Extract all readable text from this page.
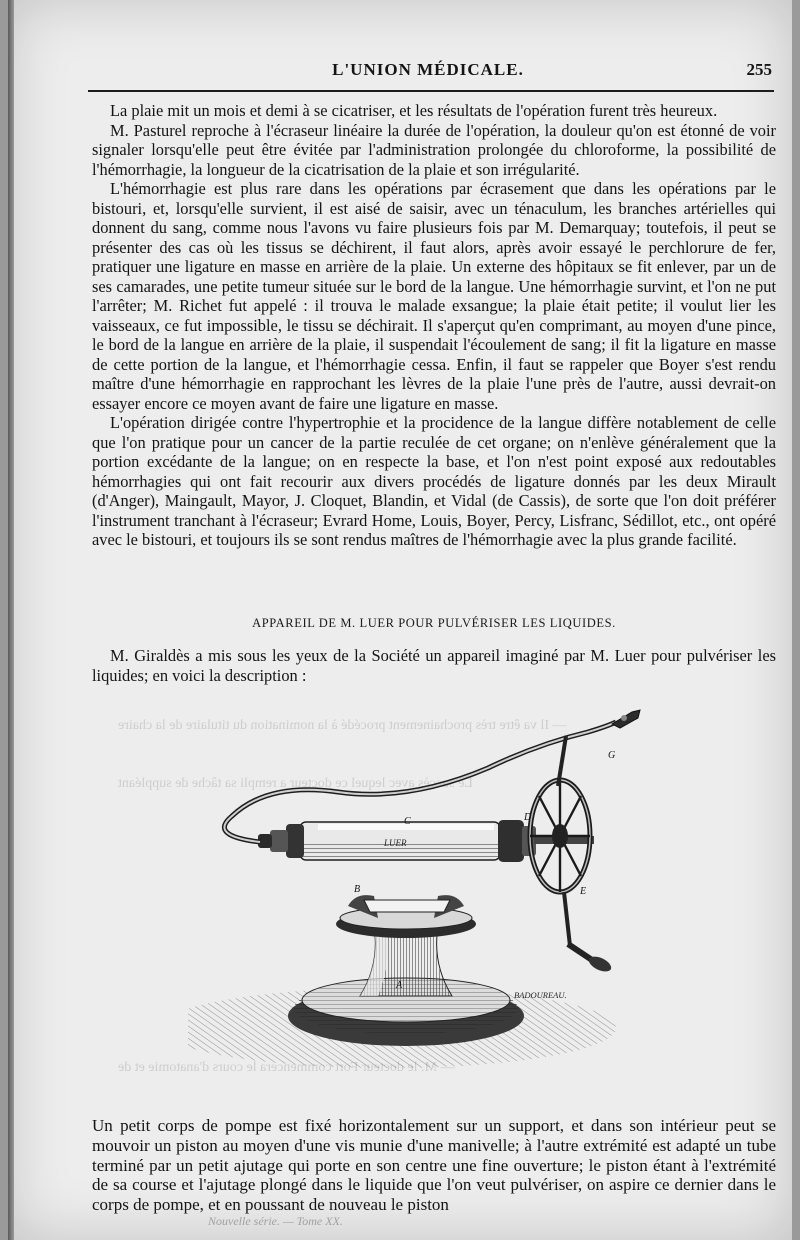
— Il va être très prochainement procédé à la nomination du titulaire de la chaire
Le succès avec lequel ce docteur a rempli sa tâche de suppléant
— M. le docteur Fort commencera le cours d'anatomie et de
L'UNION MÉDICALE.	255

La plaie mit un mois et demi à se cicatriser, et les résultats de l'opération furent très heureux.

M. Pasturel reproche à l'écraseur linéaire la durée de l'opération, la douleur qu'on est étonné de voir signaler lorsqu'elle peut être évitée par l'administration prolongée du chloroforme, la possibilité de l'hémorrhagie, la longueur de la cicatrisation de la plaie et son irrégularité.

L'hémorrhagie est plus rare dans les opérations par écrasement que dans les opérations par le bistouri, et, lorsqu'elle survient, il est aisé de saisir, avec un ténaculum, les branches artérielles qui donnent du sang, comme nous l'avons vu faire plusieurs fois par M. Demarquay; toutefois, il peut se présenter des cas où les tissus se déchirent, il faut alors, après avoir essayé le perchlorure de fer, pratiquer une ligature en masse en arrière de la plaie. Un externe des hôpitaux se fit enlever, par un de ses camarades, une petite tumeur située sur le bord de la langue. Une hémorrhagie survint, et l'on ne put l'arrêter; M. Richet fut appelé : il trouva le malade exsangue; la plaie était petite; il voulut lier les vaisseaux, ce fut impossible, le tissu se déchirait. Il s'aperçut qu'en comprimant, au moyen d'une pince, le bord de la langue en arrière de la plaie, il suspendait l'écoulement de sang; il fit la ligature en masse de cette portion de la langue, et l'hémorrhagie cessa. Enfin, il faut se rappeler que Boyer s'est rendu maître d'une hémorrhagie en rapprochant les lèvres de la plaie l'une près de l'autre, aussi devrait-on essayer encore ce moyen avant de faire une ligature en masse.

L'opération dirigée contre l'hypertrophie et la procidence de la langue diffère notablement de celle que l'on pratique pour un cancer de la partie reculée de cet organe; on n'enlève généralement que la portion excédante de la langue; on en respecte la base, et l'on n'est point exposé aux redoutables hémorrhagies qui ont fait recourir aux divers procédés de ligature donnés par les deux Mirault (d'Anger), Maingault, Mayor, J. Cloquet, Blandin, et Vidal (de Cassis), de sorte que l'on doit préférer l'instrument tranchant à l'écraseur; Evrard Home, Louis, Boyer, Percy, Lisfranc, Sédillot, etc., ont opéré avec le bistouri, et toujours ils se sont rendus maîtres de l'hémorrhagie avec la plus grande facilité.

APPAREIL DE M. LUER POUR PULVÉRISER LES LIQUIDES.

M. Giraldès a mis sous les yeux de la Société un appareil imaginé par M. Luer pour pulvériser les liquides; en voici la description :

A
B
C	D
E
G
LUER
BADOUREAU.

Un petit corps de pompe est fixé horizontalement sur un support, et dans son intérieur peut se mouvoir un piston au moyen d'une vis munie d'une manivelle; à l'autre extrémité est adapté un tube terminé par un petit ajutage qui porte en son centre une fine ouverture; le piston étant à l'extrémité de sa course et l'ajutage plongé dans le liquide que l'on veut pulvériser, on aspire ce dernier dans le corps de pompe, et en poussant de nouveau le piston

Nouvelle série. — Tome XX.
